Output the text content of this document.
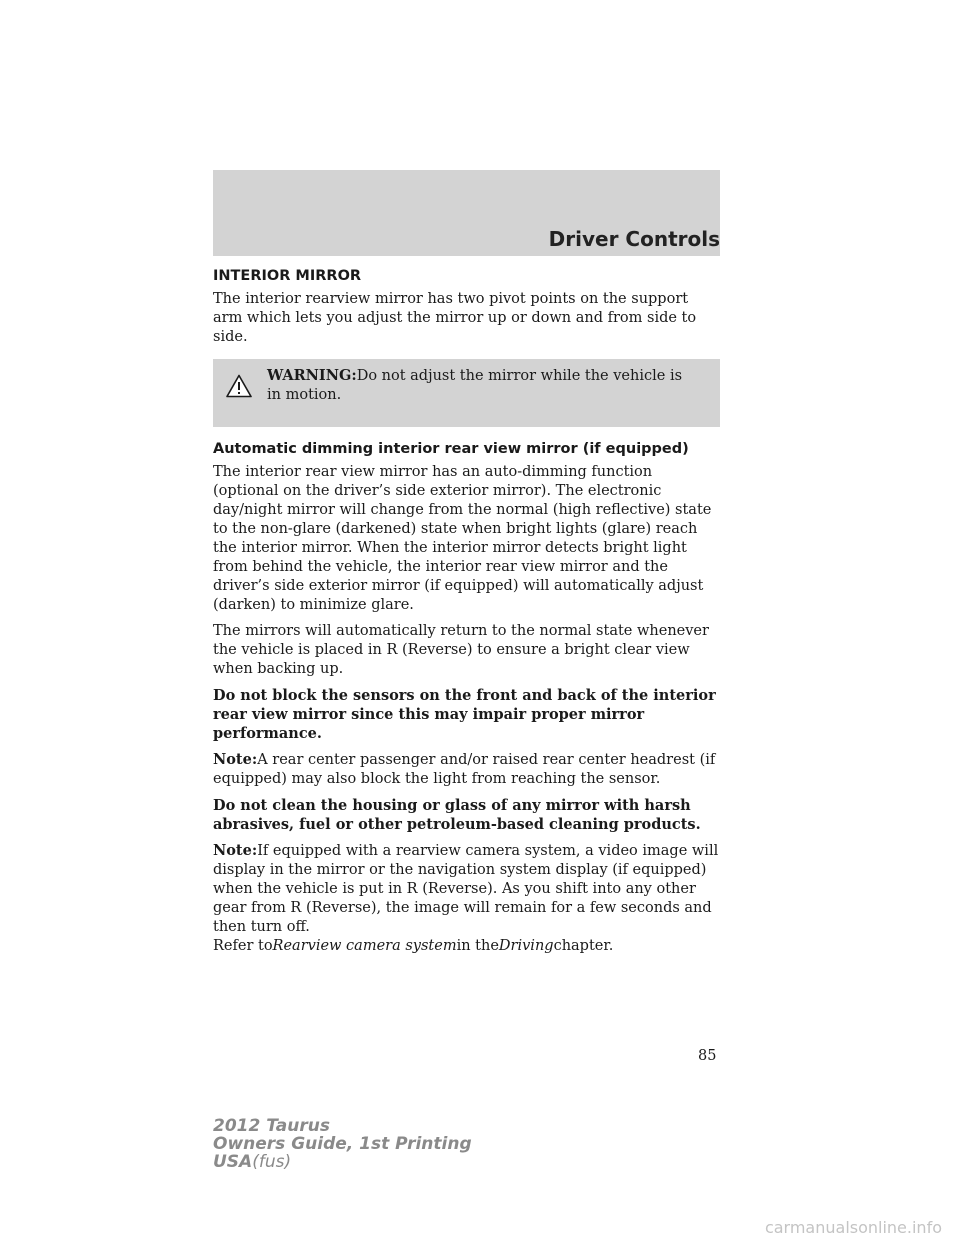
Driver Controls
INTERIOR MIRROR

The interior rearview mirror has two pivot points on the support arm which lets you adjust the mirror up or down and from side to side.

WARNING:Do not adjust the mirror while the vehicle is in motion.

Automatic dimming interior rear view mirror (if equipped)

The interior rear view mirror has an auto-dimming function (optional on the driver’s side exterior mirror). The electronic day/night mirror will change from the normal (high reflective) state to the non-glare (darkened) state when bright lights (glare) reach the interior mirror. When the interior mirror detects bright light from behind the vehicle, the interior rear view mirror and the driver’s side exterior mirror (if equipped) will automatically adjust (darken) to minimize glare.

The mirrors will automatically return to the normal state whenever the vehicle is placed in R (Reverse) to ensure a bright clear view when backing up.

Do not block the sensors on the front and back of the interior rear view mirror since this may impair proper mirror performance.

Note:A rear center passenger and/or raised rear center headrest (if equipped) may also block the light from reaching the sensor.

Do not clean the housing or glass of any mirror with harsh abrasives, fuel or other petroleum-based cleaning products.

Note:If equipped with a rearview camera system, a video image will display in the mirror or the navigation system display (if equipped) when the vehicle is put in R (Reverse). As you shift into any other gear from R (Reverse), the image will remain for a few seconds and then turn off.
Refer toRearview camera systemin theDrivingchapter.

85
2012 Taurus
Owners Guide, 1st Printing
USA(fus)
carmanualsonline.info
